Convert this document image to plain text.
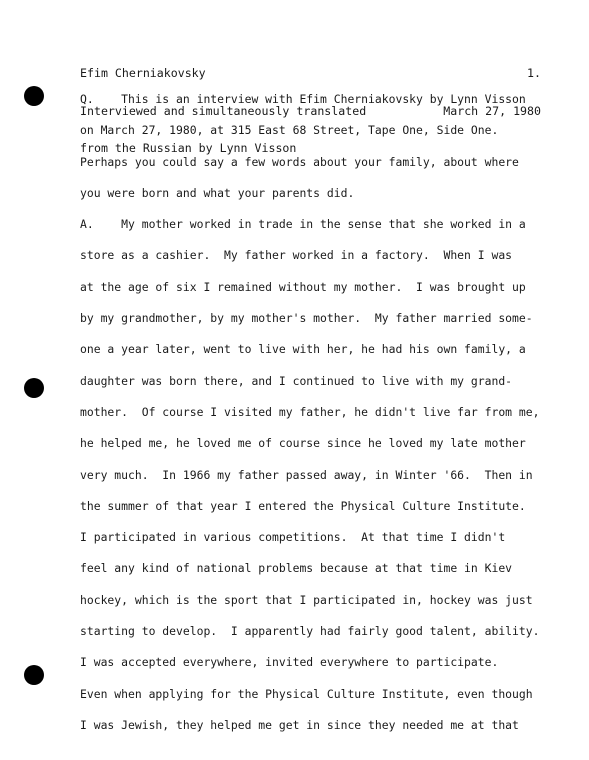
Efim Cherniakovsky

Interviewed and simultaneously translated

from the Russian by Lynn Visson

1.

March 27, 1980

Q.    This is an interview with Efim Cherniakovsky by Lynn Visson
on March 27, 1980, at 315 East 68 Street, Tape One, Side One.
Perhaps you could say a few words about your family, about where
you were born and what your parents did.
A.    My mother worked in trade in the sense that she worked in a
store as a cashier.  My father worked in a factory.  When I was
at the age of six I remained without my mother.  I was brought up
by my grandmother, by my mother's mother.  My father married some-
one a year later, went to live with her, he had his own family, a
daughter was born there, and I continued to live with my grand-
mother.  Of course I visited my father, he didn't live far from me,
he helped me, he loved me of course since he loved my late mother
very much.  In 1966 my father passed away, in Winter '66.  Then in
the summer of that year I entered the Physical Culture Institute.
I participated in various competitions.  At that time I didn't
feel any kind of national problems because at that time in Kiev
hockey, which is the sport that I participated in, hockey was just
starting to develop.  I apparently had fairly good talent, ability.
I was accepted everywhere, invited everywhere to participate.
Even when applying for the Physical Culture Institute, even though
I was Jewish, they helped me get in since they needed me at that
